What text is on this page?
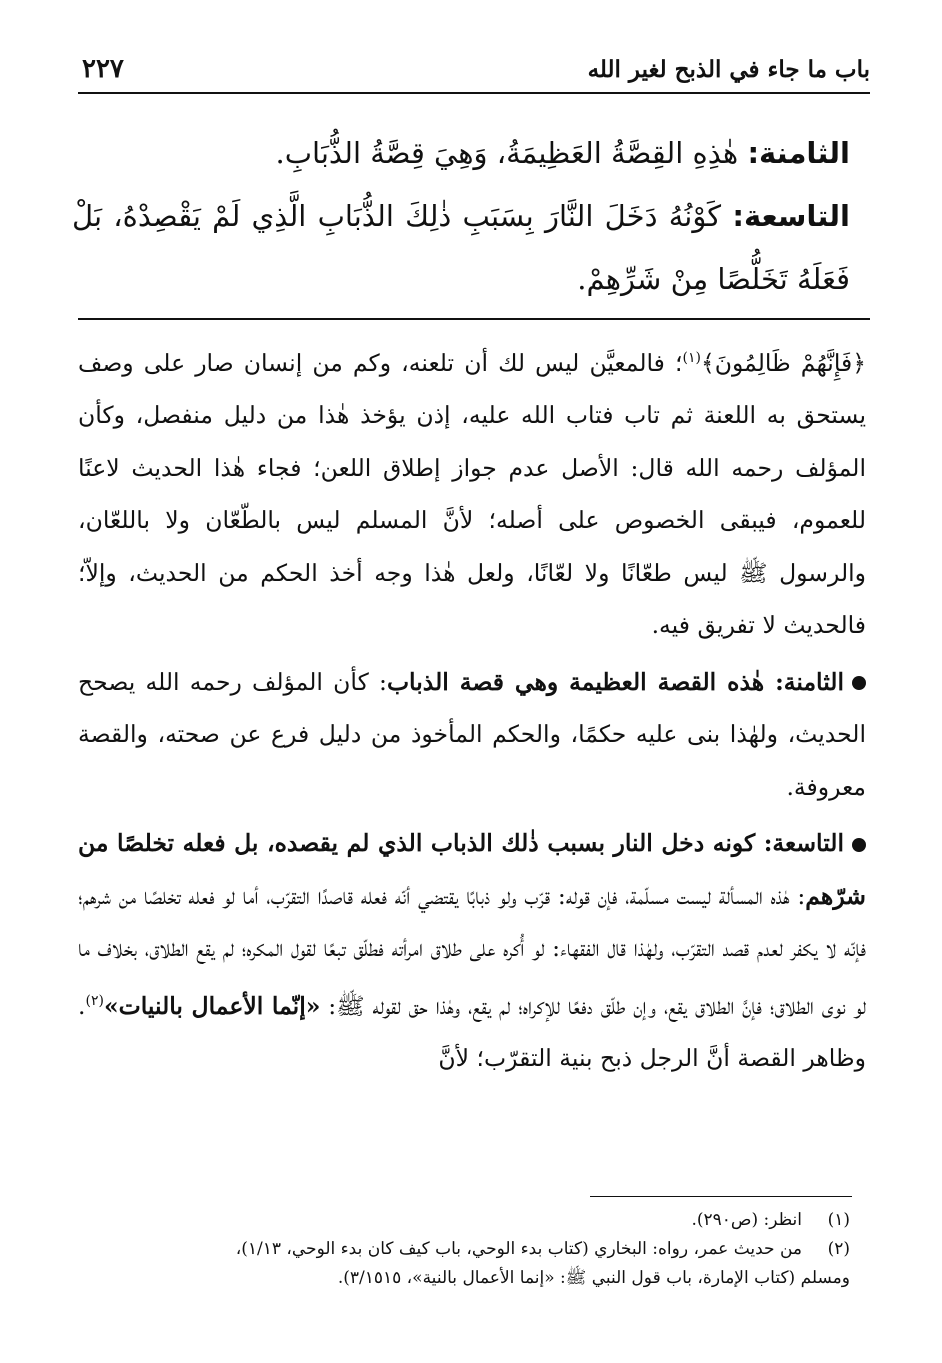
باب ما جاء في الذبح لغير الله
٢٢٧

الثامنة: هٰذِهِ القِصَّةُ العَظِيمَةُ، وَهِيَ قِصَّةُ الذُّبَابِ.

التاسعة: كَوْنُهُ دَخَلَ النَّارَ بِسَبَبِ ذٰلِكَ الذُّبَابِ الَّذِي لَمْ يَقْصِدْهُ، بَلْ فَعَلَهُ تَخَلُّصًا مِنْ شَرِّهِمْ.

﴿فَإِنَّهُمْ ظَالِمُونَ﴾$^{(١)}$؛ فالمعيَّن ليس لك أن تلعنه، وكم من إنسان صار على وصف يستحق به اللعنة ثم تاب فتاب الله عليه، إذن يؤخذ هٰذا من دليل منفصل، وكأن المؤلف رحمه الله قال: الأصل عدم جواز إطلاق اللعن؛ فجاء هٰذا الحديث لاعنًا للعموم، فيبقى الخصوص على أصله؛ لأنَّ المسلم ليس بالطّعّان ولا باللعّان، والرسول ﷺ ليس طعّانًا ولا لعّانًا، ولعل هٰذا وجه أخذ الحكم من الحديث، وإلاّ؛ فالحديث لا تفريق فيه.

الثامنة: هٰذه القصة العظيمة وهي قصة الذباب: كأن المؤلف رحمه الله يصحح الحديث، ولهٰذا بنى عليه حكمًا، والحكم المأخوذ من دليل فرع عن صحته، والقصة معروفة.

التاسعة: كونه دخل النار بسبب ذٰلك الذباب الذي لم يقصده، بل فعله تخلصًا من شرّهم: هٰذه المسألة ليست مسلّمة، فإن قوله: قرّب ولو ذبابًا يقتضي أنّه فعله قاصدًا التقرّب، أما لو فعله تخلصًا من شرهم؛ فإنّه لا يكفر لعدم قصد التقرّب، ولهٰذا قال الفقهاء: لو أُكره على طلاق امرأته فطلّق تبعًا لقول المكره؛ لم يقع الطلاق، بخلاف ما لو نوى الطلاق؛ فإنَّ الطلاق يقع، وإن طلّق دفعًا للإكراه؛ لم يقع، وهٰذا حق لقوله ﷺ: «إنّما الأعمال بالنيات»$^{(٢)}$. وظاهر القصة أنَّ الرجل ذبح بنية التقرّب؛ لأنَّ

(١)انظر: (ص٢٩٠).

(٢)من حديث عمر، رواه: البخاري (كتاب بدء الوحي، باب كيف كان بدء الوحي، ١/١٣)،

ومسلم (كتاب الإمارة، باب قول النبي ﷺ: «إنما الأعمال بالنية»، ٣/١٥١٥).
